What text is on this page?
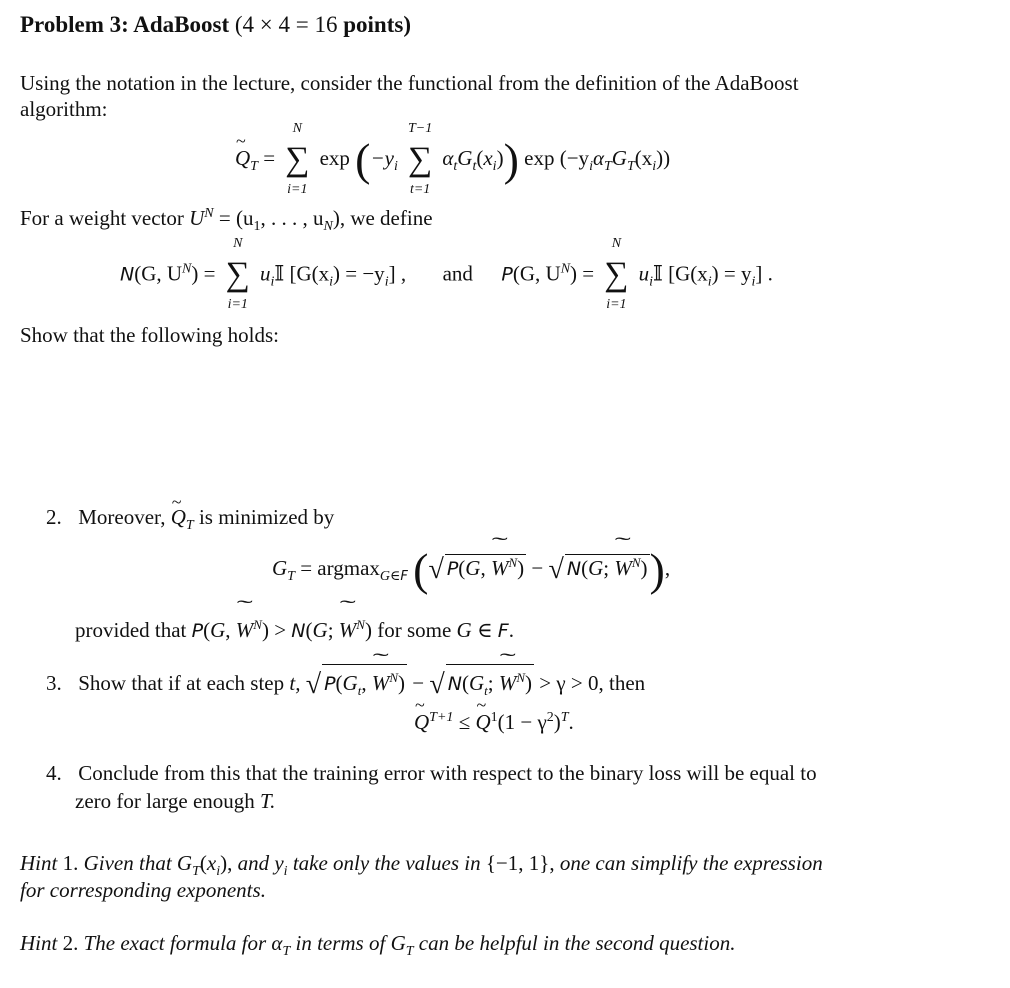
Problem 3: AdaBoost (4 × 4 = 16 points)
Using the notation in the lecture, consider the functional from the definition of the AdaBoost
algorithm:
~ $Q_T$ =
N
∑
i=1
$\exp (-y_i$
T−1
∑
t=1
$\alpha_tG_t(x_i)$) $\exp (-y_i\alpha_TG_T(x_i))$
For a weight vector $U^N = (u_1$, . . . , $u_N$), we define
N(G, $U^N$) =
N
∑
i=1
$u_i𝕀$ $[G(x_i) = -y_i]$ , and P(G, $U^N$) =
N
∑
i=1
$u_i𝕀$ $[G(x_i) = y_i]$ .
Show that the following holds:
2. Moreover, ~ $Q_T$ is minimized by
$G_T = argmax_{G\in F}$ (√ P(G, ˜ $W^N$) − √ N(G; ˜ $W^N$)),
provided that P(G, ˜ $W^N) > N(G$; ˜ $W^N$) for some G ∈ F.
3. Show that if at each step t, √ $P(G_t$, ˜ $W^N$) − √ $N(G_t$; ˜ $W^N) > \gamma > 0$, then
~ $Q^{T+1}$ ≤ ~ $Q^1(1 - \gamma^2)^T$.
4. Conclude from this that the training error with respect to the binary loss will be equal to
zero for large enough T.
Hint 1. Given that $G_T(x_i)$, and $y_i$ take only the values in {−1, 1}, one can simplify the expression
for corresponding exponents.
Hint 2. The exact formula for $\alpha_T$ in terms of $G_T$ can be helpful in the second question.
